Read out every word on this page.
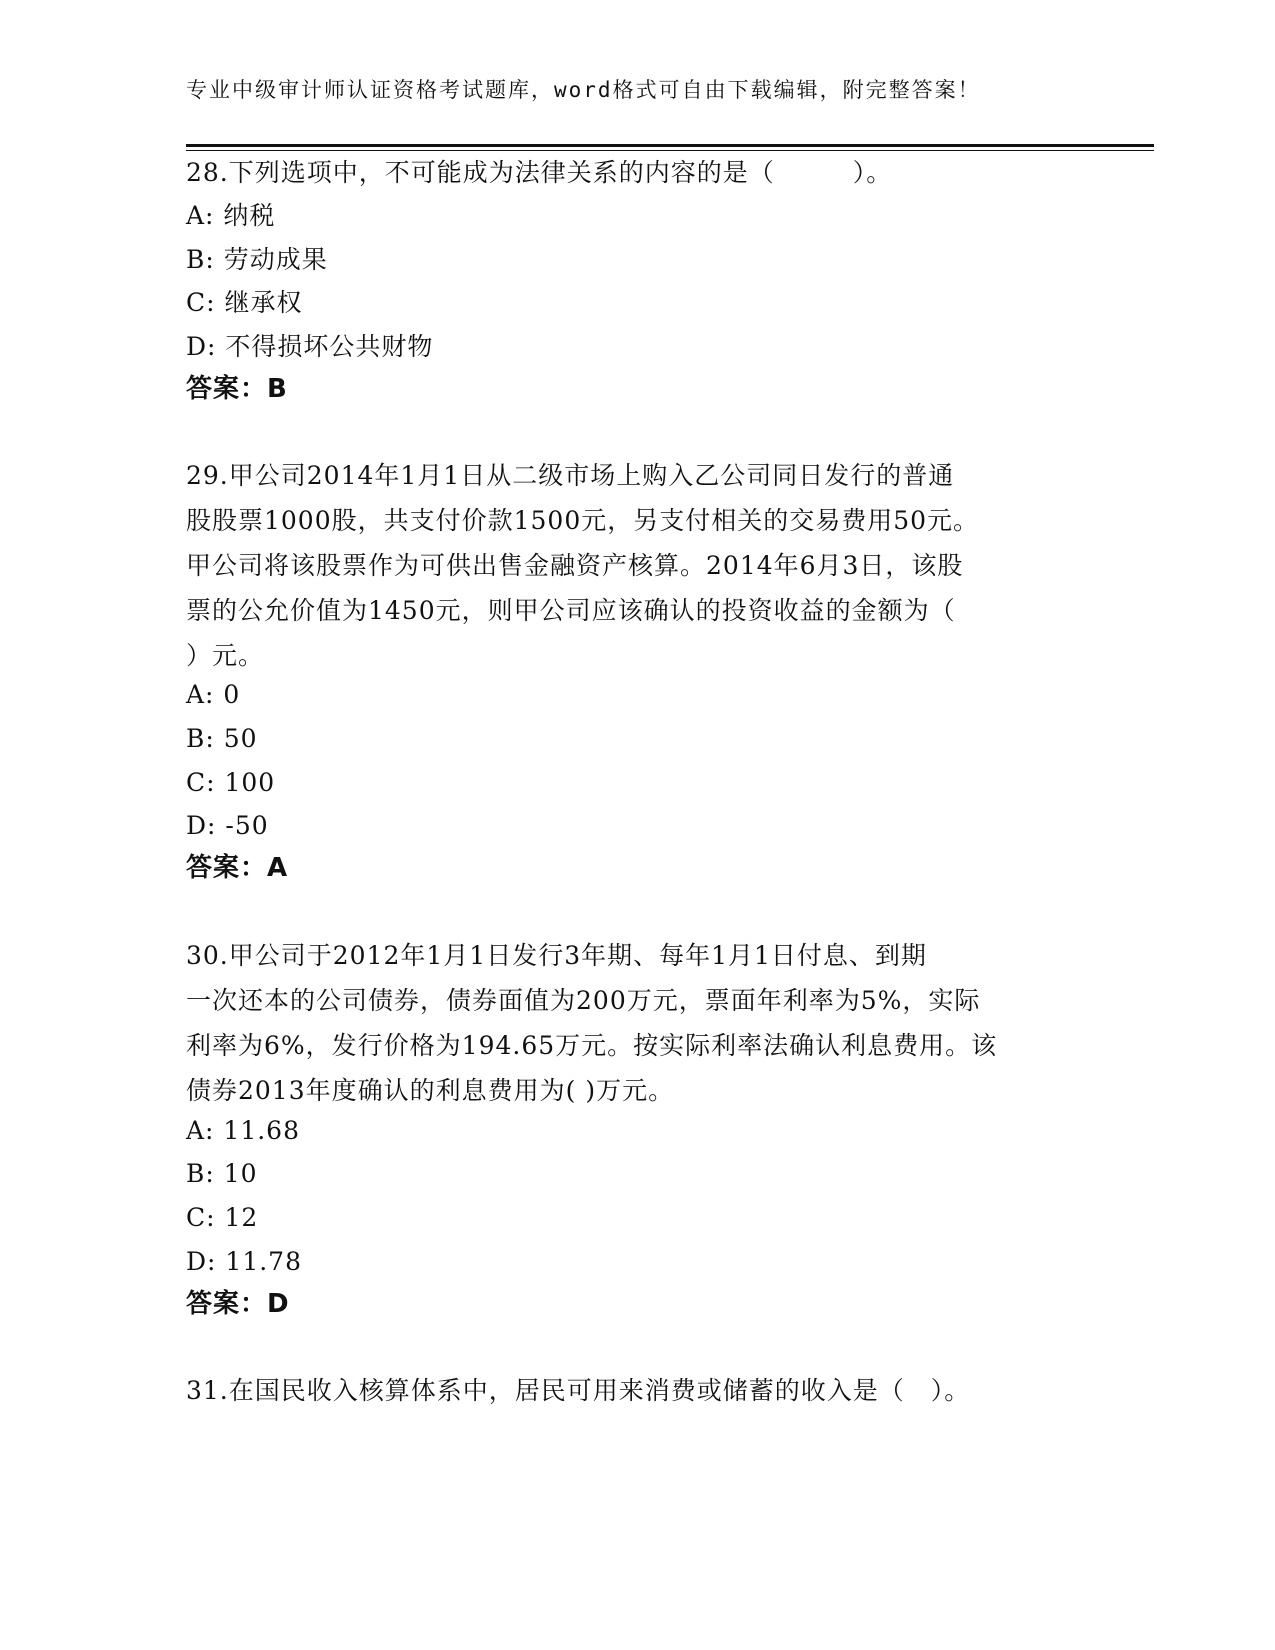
专业中级审计师认证资格考试题库，word格式可自由下载编辑，附完整答案！
28.下列选项中，不可能成为法律关系的内容的是（　　　）。
A: 纳税
B: 劳动成果
C: 继承权
D: 不得损坏公共财物
答案：B
29.甲公司2014年1月1日从二级市场上购入乙公司同日发行的普通
股股票1000股，共支付价款1500元，另支付相关的交易费用50元。
甲公司将该股票作为可供出售金融资产核算。2014年6月3日，该股
票的公允价值为1450元，则甲公司应该确认的投资收益的金额为（
）元。
A: 0
B: 50
C: 100
D: -50
答案：A
30.甲公司于2012年1月1日发行3年期、每年1月1日付息、到期
一次还本的公司债券，债券面值为200万元，票面年利率为5%，实际
利率为6%，发行价格为194.65万元。按实际利率法确认利息费用。该
债券2013年度确认的利息费用为( )万元。
A: 11.68
B: 10
C: 12
D: 11.78
答案：D
31.在国民收入核算体系中，居民可用来消费或储蓄的收入是（　）。
